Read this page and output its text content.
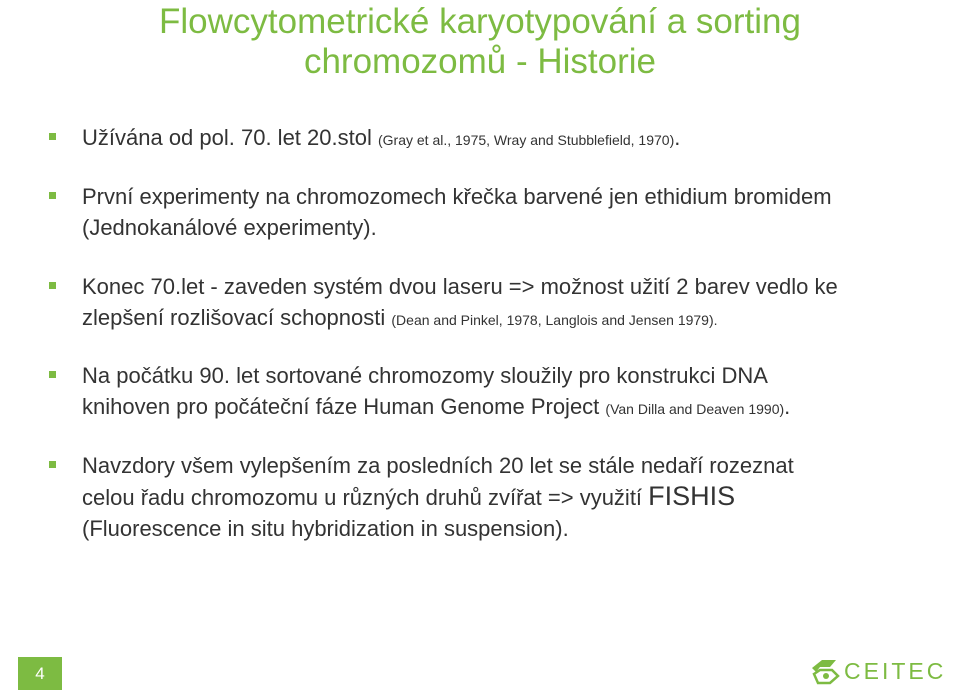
Flowcytometrické karyotypování a sorting
chromozomů - Historie
Užívána od pol. 70. let 20.stol (Gray et al., 1975, Wray and Stubblefield, 1970).
První experimenty na chromozomech křečka barvené jen ethidium bromidem
(Jednokanálové experimenty).
Konec 70.let - zaveden systém dvou laseru => možnost užití 2 barev vedlo ke
zlepšení rozlišovací schopnosti (Dean and Pinkel, 1978, Langlois and Jensen 1979).
Na počátku 90. let sortované chromozomy sloužily pro konstrukci DNA
knihoven pro počáteční fáze Human Genome Project (Van Dilla and Deaven 1990).
Navzdory všem vylepšením za posledních 20 let se stále nedaří rozeznat
celou řadu chromozomu u různých druhů zvířat => využití FISHIS
(Fluorescence in situ hybridization in suspension).
4	CEITEC
